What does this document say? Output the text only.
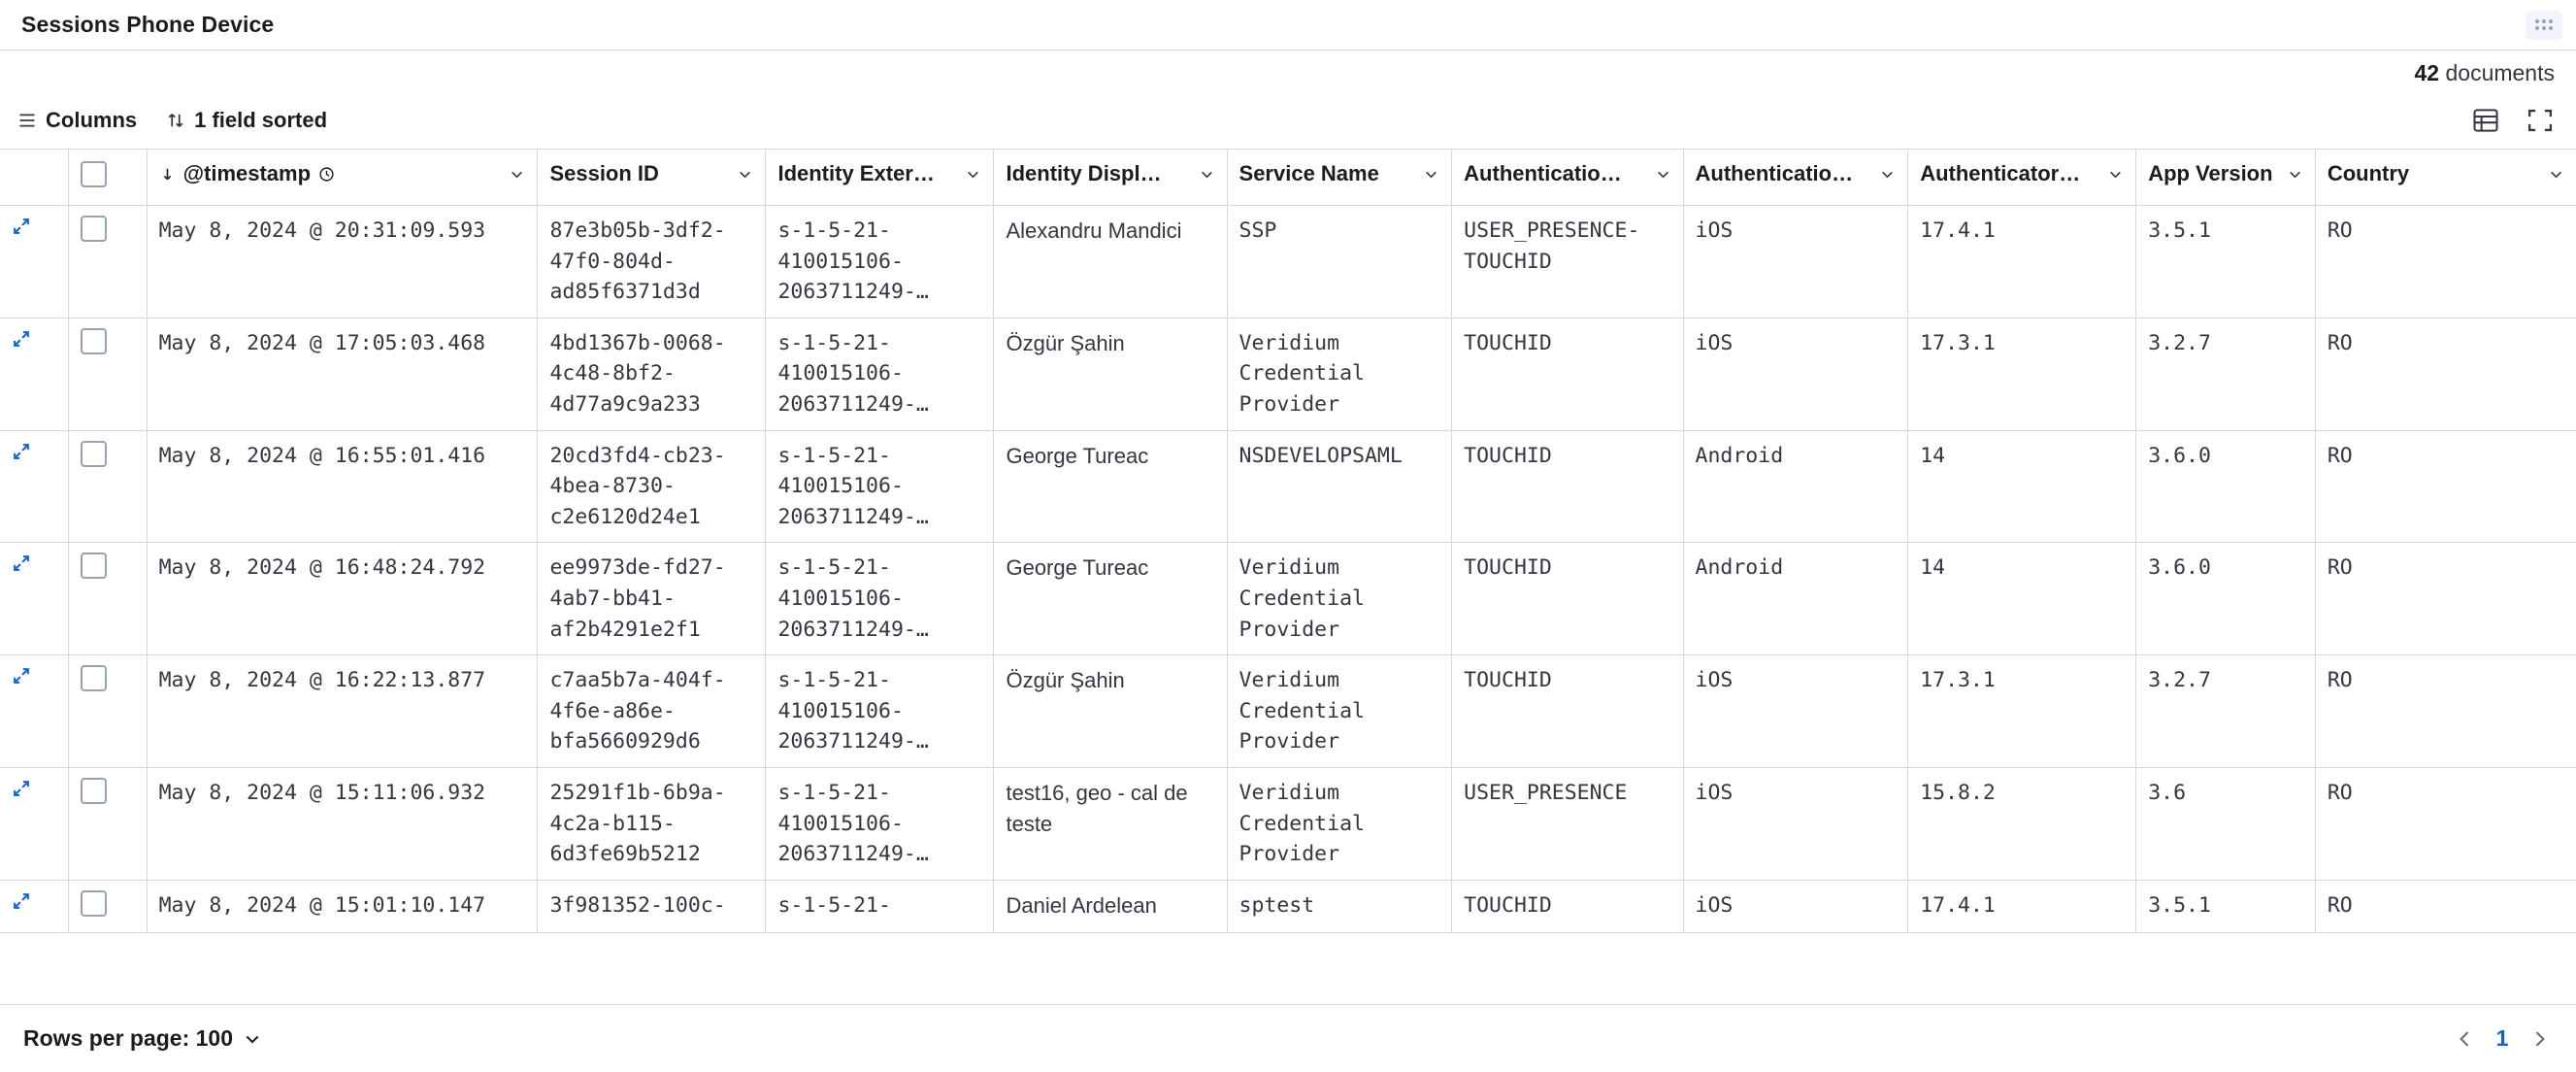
Sessions Phone Device
42 documents
Columns	1 field sorted

		@timestamp	Session ID	Identity Exter…	Identity Displ…	Service Name	Authenticatio…	Authenticatio…	Authenticator…	App Version	Country

		May 8, 2024 @ 20:31:09.593	87e3b05b-3df2-47f0-804d-ad85f6371d3d	s-1-5-21-410015106-2063711249-…	Alexandru Mandici	SSP	USER_PRESENCE-TOUCHID	iOS	17.4.1	3.5.1	RO

		May 8, 2024 @ 17:05:03.468	4bd1367b-0068-4c48-8bf2-4d77a9c9a233	s-1-5-21-410015106-2063711249-…	Özgür Şahin	Veridium Credential Provider	TOUCHID	iOS	17.3.1	3.2.7	RO

		May 8, 2024 @ 16:55:01.416	20cd3fd4-cb23-4bea-8730-c2e6120d24e1	s-1-5-21-410015106-2063711249-…	George Tureac	NSDEVELOPSAML	TOUCHID	Android	14	3.6.0	RO

		May 8, 2024 @ 16:48:24.792	ee9973de-fd27-4ab7-bb41-af2b4291e2f1	s-1-5-21-410015106-2063711249-…	George Tureac	Veridium Credential Provider	TOUCHID	Android	14	3.6.0	RO

		May 8, 2024 @ 16:22:13.877	c7aa5b7a-404f-4f6e-a86e-bfa5660929d6	s-1-5-21-410015106-2063711249-…	Özgür Şahin	Veridium Credential Provider	TOUCHID	iOS	17.3.1	3.2.7	RO

		May 8, 2024 @ 15:11:06.932	25291f1b-6b9a-4c2a-b115-6d3fe69b5212	s-1-5-21-410015106-2063711249-…	test16, geo - cal de teste	Veridium Credential Provider	USER_PRESENCE	iOS	15.8.2	3.6	RO

		May 8, 2024 @ 15:01:10.147	3f981352-100c-	s-1-5-21-	Daniel Ardelean	sptest	TOUCHID	iOS	17.4.1	3.5.1	RO
Rows per page: 100	1
